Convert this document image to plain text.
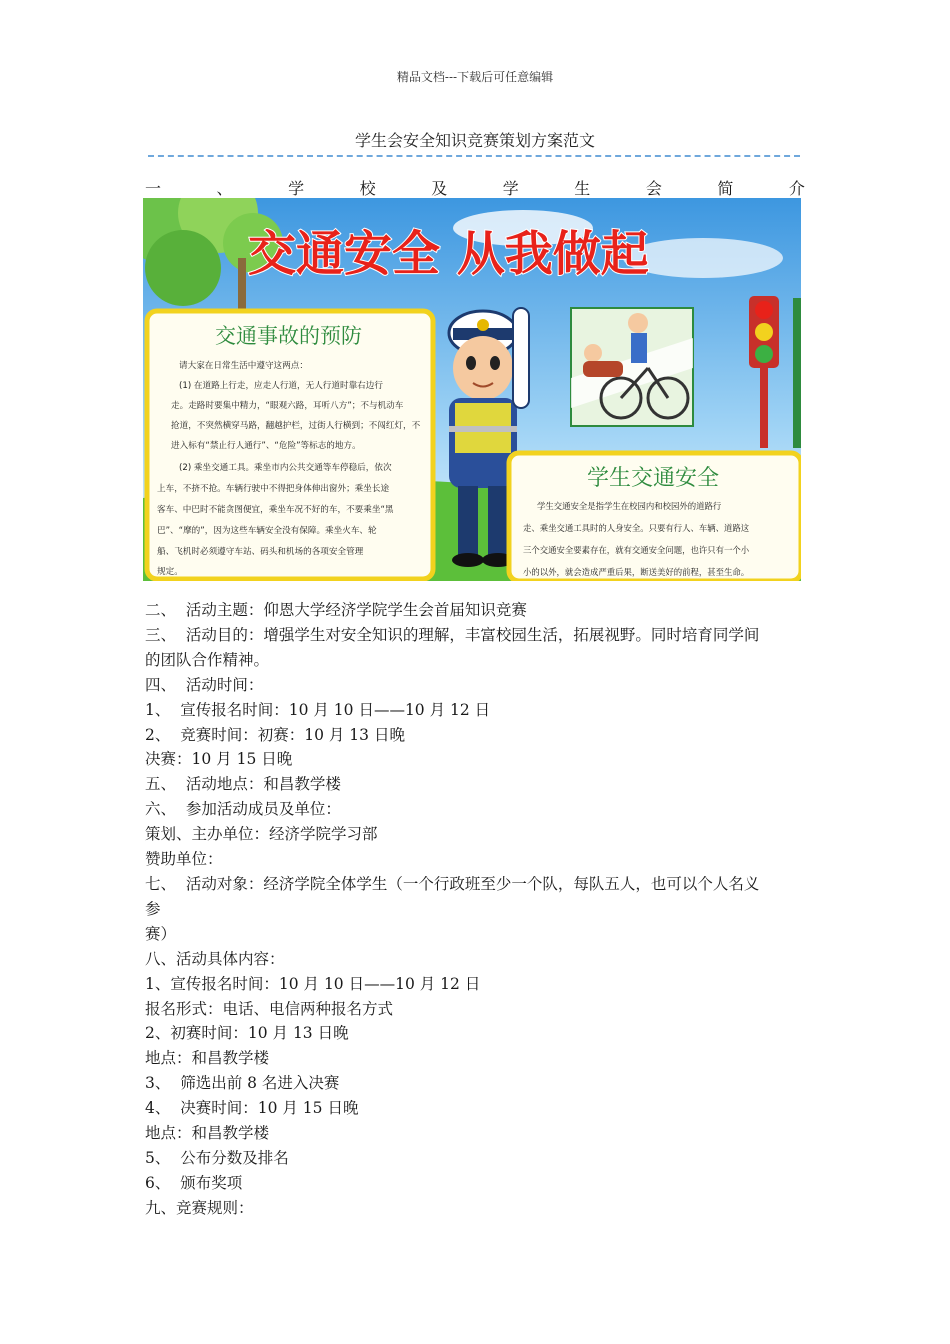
精品文档---下载后可任意编辑
学生会安全知识竞赛策划方案范文
一	、	学	校	及	学	生	会	简	介
交通安全 从我做起
交通事故的预防
请大家在日常生活中遵守这两点：
(1) 在道路上行走，应走人行道，无人行道时靠右边行
走。走路时要集中精力，“眼观六路，耳听八方”；不与机动车
抢道，不突然横穿马路，翻越护栏，过街人行横到；不闯红灯，不
进入标有“禁止行人通行”、“危险”等标志的地方。
(2) 乘坐交通工具。乘坐市内公共交通等车停稳后，依次
上车，不挤不抢。车辆行驶中不得把身体伸出窗外；乘坐长途
客车、中巴时不能贪图便宜，乘坐车况不好的车，不要乘坐“黑
巴”、“摩的”，因为这些车辆安全没有保障。乘坐火车、轮
船、飞机时必须遵守车站、码头和机场的各项安全管理
规定。
学生交通安全
学生交通安全是指学生在校园内和校园外的道路行
走、乘坐交通工具时的人身安全。只要有行人、车辆、道路这
三个交通安全要素存在，就有交通安全问题，也许只有一个小
小的以外，就会造成严重后果，断送美好的前程，甚至生命。

二、  活动主题：仰恩大学经济学院学生会首届知识竞赛

三、  活动目的：增强学生对安全知识的理解，丰富校园生活，拓展视野。同时培育同学间

的团队合作精神。

四、  活动时间：

1、  宣传报名时间：10 月 10 日——10 月 12 日

2、  竞赛时间：初赛：10 月 13 日晚

决赛：10 月 15 日晚

五、  活动地点：和昌教学楼

六、  参加活动成员及单位：

策划、主办单位：经济学院学习部

赞助单位：

七、  活动对象：经济学院全体学生（一个行政班至少一个队，每队五人，也可以个人名义

参

赛）

八、活动具体内容：

1、宣传报名时间：10 月 10 日——10 月 12 日

报名形式：电话、电信两种报名方式

2、初赛时间：10 月 13 日晚

地点：和昌教学楼

3、  筛选出前 8 名进入决赛

4、  决赛时间：10 月 15 日晚

地点：和昌教学楼

5、  公布分数及排名

6、  颁布奖项

九、竞赛规则：
